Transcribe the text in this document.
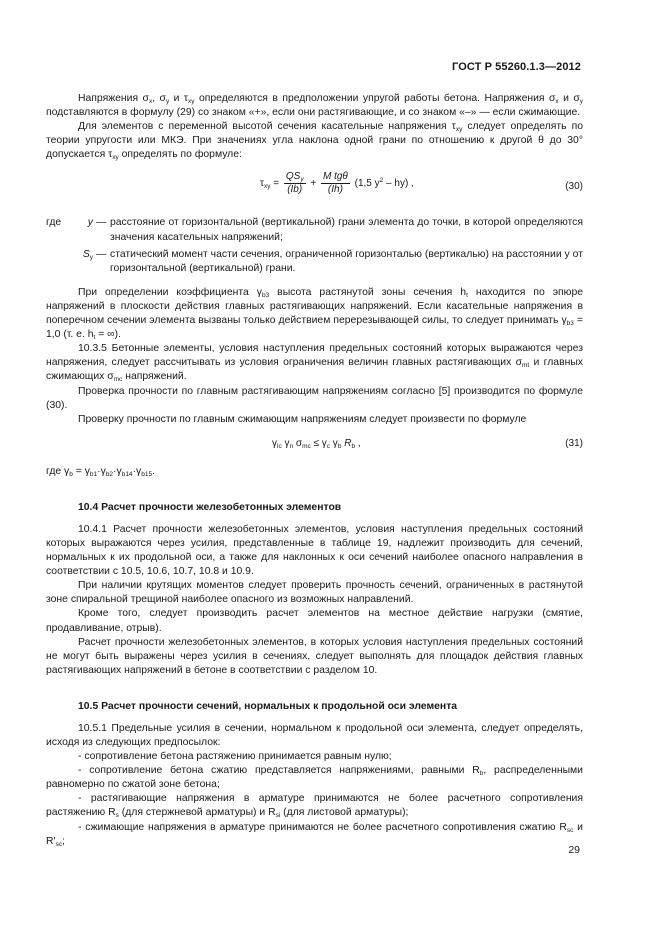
ГОСТ Р 55260.1.3—2012

Напряжения $\sigma_x$, $\sigma_y$ и $\tau_{xy}$ определяются в предположении упругой работы бетона. Напряжения $\sigma_x$ и $\sigma_y$ подставляются в формулу (29) со знаком «+», если они растягивающие, и со знаком «–» — если сжимающие.

Для элементов с переменной высотой сечения касательные напряжения $\tau_{xy}$ следует определять по теории упругости или МКЭ. При значениях угла наклона одной грани по отношению к другой θ до 30° допускается $\tau_{xy}$ определять по формуле:

$\tau_{xy} = \frac{QS_y}{(Ib)} + \frac{\text{M tgθ}}{(Ih)} (1,5$ $y^2 - hy$) ,	(30)
где	y — расстояние от горизонтальной (вертикальной) грани элемента до точки, в которой определяются значения касательных напряжений;
$S_y$ — статический момент части сечения, ограниченной горизонталью (вертикалью) на расстоянии y от горизонтальной (вертикальной) грани.

При определении коэффициента $\gamma_{b3}$ высота растянутой зоны сечения $h_t$ находится по эпюре напряжений в плоскости действия главных растягивающих напряжений. Если касательные напряжения в поперечном сечении элемента вызваны только действием перерезывающей силы, то следует принимать $\gamma_{b3} = 1,0$ (т. е. $h_t$ = ∞).

10.3.5 Бетонные элементы, условия наступления предельных состояний которых выражаются через напряжения, следует рассчитывать из условия ограничения величин главных растягивающих $\sigma_{mt}$ и главных сжимающих $\sigma_{mc}$ напряжений.

Проверка прочности по главным растягивающим напряжениям согласно [5] производится по формуле (30).

Проверку прочности по главным сжимающим напряжениям следует произвести по формуле

$\gamma_{lc}$ $\gamma_n$ $\sigma_{mc} \le \gamma_c$ $\gamma_b$ $R_b$ ,	(31)

где $\gamma_b = \gamma_{b1}\cdot\gamma_{b2}\cdot\gamma_{b14}\cdot\gamma_{b15}$.

10.4 Расчет прочности железобетонных элементов

10.4.1 Расчет прочности железобетонных элементов, условия наступления предельных состояний которых выражаются через усилия, представленные в таблице 19, надлежит производить для сечений, нормальных к их продольной оси, а также для наклонных к оси сечений наиболее опасного направления в соответствии с 10.5, 10.6, 10.7, 10.8 и 10.9.

При наличии крутящих моментов следует проверить прочность сечений, ограниченных в растянутой зоне спиральной трещиной наиболее опасного из возможных направлений.

Кроме того, следует производить расчет элементов на местное действие нагрузки (смятие, продавливание, отрыв).

Расчет прочности железобетонных элементов, в которых условия наступления предельных состояний не могут быть выражены через усилия в сечениях, следует выполнять для площадок действия главных растягивающих напряжений в бетоне в соответствии с разделом 10.

10.5 Расчет прочности сечений, нормальных к продольной оси элемента

10.5.1 Предельные усилия в сечении, нормальном к продольной оси элемента, следует определять, исходя из следующих предпосылок:

- сопротивление бетона растяжению принимается равным нулю;

- сопротивление бетона сжатию представляется напряжениями, равными $R_b$, распределенными равномерно по сжатой зоне бетона;

- растягивающие напряжения в арматуре принимаются не более расчетного сопротивления растяжению $R_s$ (для стержневой арматуры) и $R_{si}$ (для листовой арматуры);

- сжимающие напряжения в арматуре принимаются не более расчетного сопротивления сжатию $R_{sc}$ и $R'_{sc}$;

29
